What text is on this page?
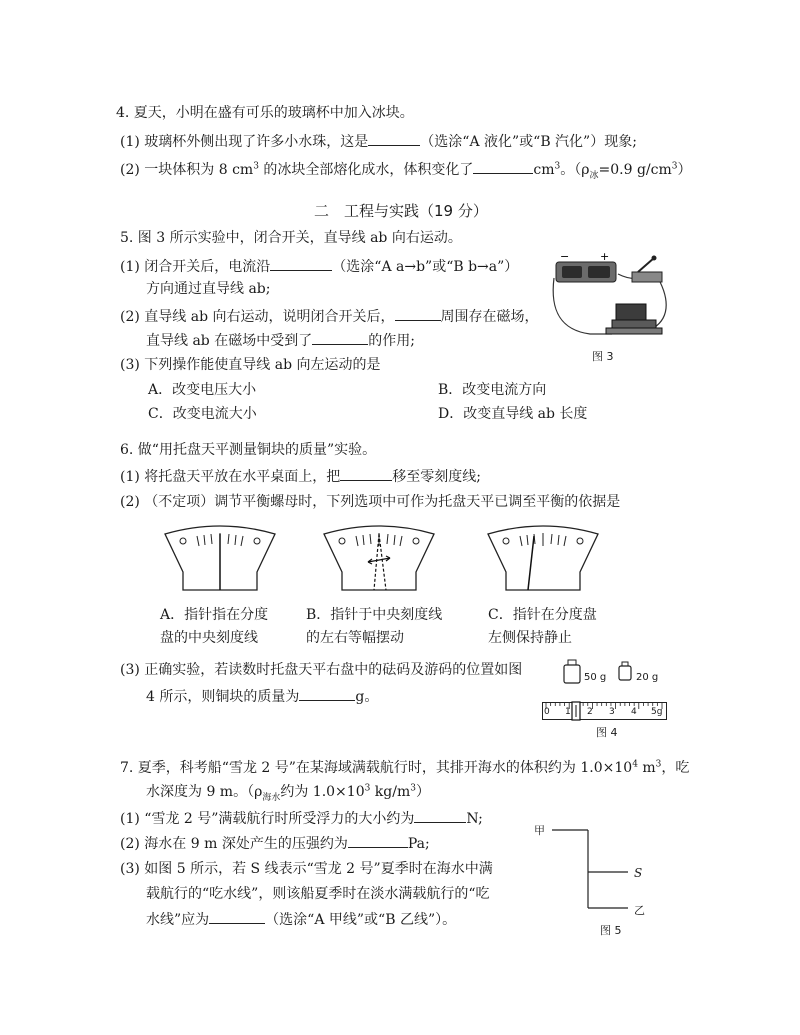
4. 夏天，小明在盛有可乐的玻璃杯中加入冰块。
(1) 玻璃杯外侧出现了许多小水珠，这是	（选涂“A 液化”或“B 汽化”）现象;
(2) 一块体积为 8 $cm^3$ 的冰块全部熔化成水，体积变化了	$cm^3$。（$\rho_冰=0.9$ $g/cm^3$）
二　工程与实践（19 分）
5. 图 3 所示实验中，闭合开关，直导线 ab 向右运动。
(1) 闭合开关后，电流沿	（选涂“A a→b”或“B b→a”）
方向通过直导线 ab;
(2) 直导线 ab 向右运动，说明闭合开关后，	周围存在磁场，
直导线 ab 在磁场中受到了	的作用;
(3) 下列操作能使直导线 ab 向左运动的是
A．改变电压大小	B．改变电流方向
C．改变电流大小	D．改变直导线 ab 长度
−	+
图 3
6. 做“用托盘天平测量铜块的质量”实验。
(1) 将托盘天平放在水平桌面上，把	移至零刻度线;
(2) （不定项）调节平衡螺母时，下列选项中可作为托盘天平已调至平衡的依据是
A．指针指在分度
盘的中央刻度线
B．指针于中央刻度线
的左右等幅摆动
C．指针在分度盘
左侧保持静止
(3) 正确实验，若读数时托盘天平右盘中的砝码及游码的位置如图
4 所示，则铜块的质量为	g。
50 g	20 g
0 1 2 3 4 5g
图 4
7. 夏季，科考船“雪龙 2 号”在某海域满载航行时，其排开海水的体积约为 $1.0\times 10^4$ $m^3$，吃
水深度为 9 m。（$\rho_{海水}$约为 $1.0\times 10^3$ $kg/m^3$）
(1) “雪龙 2 号”满载航行时所受浮力的大小约为	N;
(2) 海水在 9 m 深处产生的压强约为	Pa;
(3) 如图 5 所示，若 S 线表示“雪龙 2 号”夏季时在海水中满
载航行的“吃水线”，则该船夏季时在淡水满载航行的“吃
水线”应为	（选涂“A 甲线”或“B 乙线”）。
甲
S
乙
图 5
